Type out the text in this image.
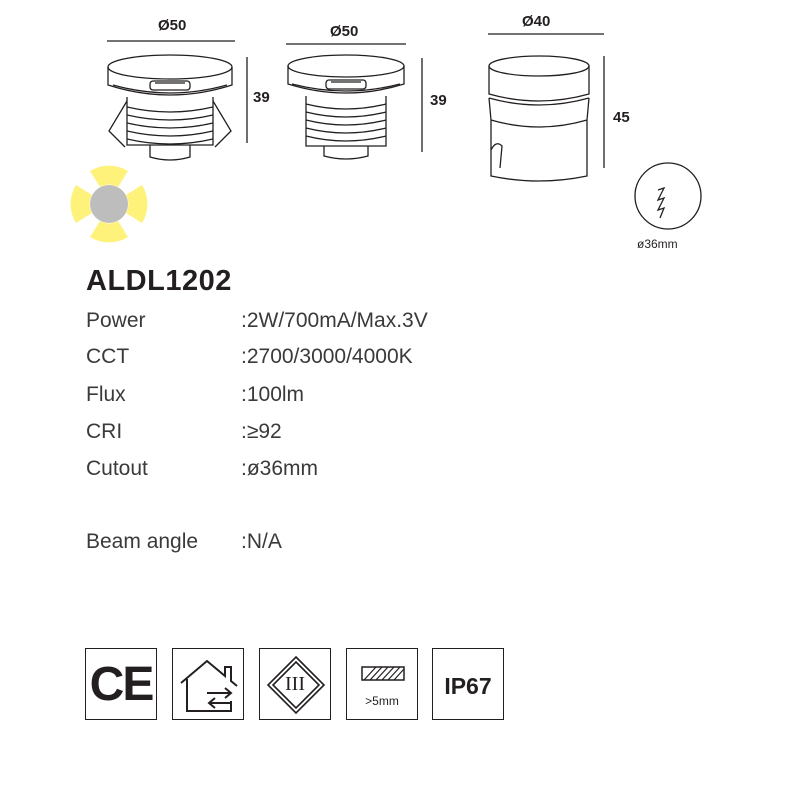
Ø50
39
Ø50
39
Ø40
45
ø36mm
ALDL1202
Power	:2W/700mA/Max.3V
CCT	:2700/3000/4000K
Flux	:100lm
CRI	:≥92
Cutout	:ø36mm
Beam angle :N/A
CE	III
>5mm
IP67
